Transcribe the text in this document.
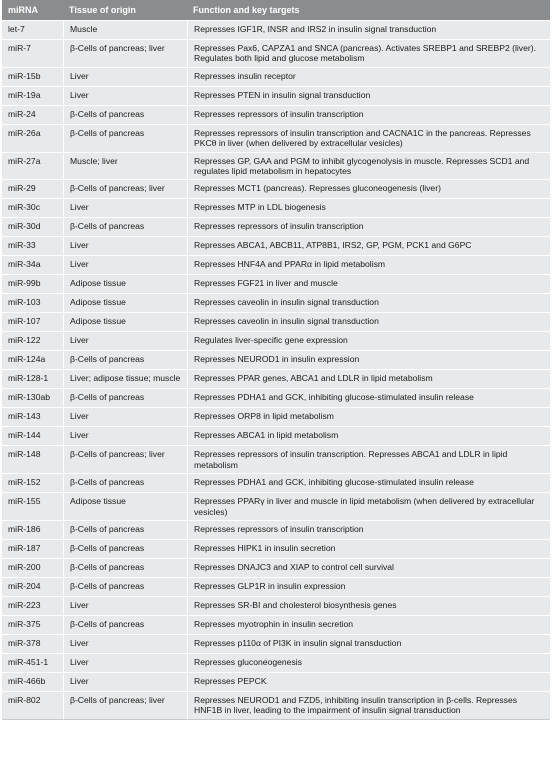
miRNA	Tissue of origin	Function and key targets
let-7	Muscle	Represses IGF1R, INSR and IRS2 in insulin signal transduction
miR-7	β-Cells of pancreas; liver	Represses Pax6, CAPZA1 and SNCA (pancreas). Activates SREBP1 and SREBP2 (liver). Regulates both lipid and glucose metabolism
miR-15b	Liver	Represses insulin receptor
miR-19a	Liver	Represses PTEN in insulin signal transduction
miR-24	β-Cells of pancreas	Represses repressors of insulin transcription
miR-26a	β-Cells of pancreas	Represses repressors of insulin transcription and CACNA1C in the pancreas. Represses PKCθ in liver (when delivered by extracellular vesicles)
miR-27a	Muscle; liver	Represses GP, GAA and PGM to inhibit glycogenolysis in muscle. Represses SCD1 and regulates lipid metabolism in hepatocytes
miR-29	β-Cells of pancreas; liver	Represses MCT1 (pancreas). Represses gluconeogenesis (liver)
miR-30c	Liver	Represses MTP in LDL biogenesis
miR-30d	β-Cells of pancreas	Represses repressors of insulin transcription
miR-33	Liver	Represses ABCA1, ABCB11, ATP8B1, IRS2, GP, PGM, PCK1 and G6PC
miR-34a	Liver	Represses HNF4A and PPARα in lipid metabolism
miR-99b	Adipose tissue	Represses FGF21 in liver and muscle
miR-103	Adipose tissue	Represses caveolin in insulin signal transduction
miR-107	Adipose tissue	Represses caveolin in insulin signal transduction
miR-122	Liver	Regulates liver-specific gene expression
miR-124a	β-Cells of pancreas	Represses NEUROD1 in insulin expression
miR-128-1	Liver; adipose tissue; muscle	Represses PPAR genes, ABCA1 and LDLR in lipid metabolism
miR-130ab	β-Cells of pancreas	Represses PDHA1 and GCK, inhibiting glucose-stimulated insulin release
miR-143	Liver	Represses ORP8 in lipid metabolism
miR-144	Liver	Represses ABCA1 in lipid metabolism
miR-148	β-Cells of pancreas; liver	Represses repressors of insulin transcription. Represses ABCA1 and LDLR in lipid metabolism
miR-152	β-Cells of pancreas	Represses PDHA1 and GCK, inhibiting glucose-stimulated insulin release
miR-155	Adipose tissue	Represses PPARγ in liver and muscle in lipid metabolism (when delivered by extracellular vesicles)
miR-186	β-Cells of pancreas	Represses repressors of insulin transcription
miR-187	β-Cells of pancreas	Represses HIPK1 in insulin secretion
miR-200	β-Cells of pancreas	Represses DNAJC3 and XIAP to control cell survival
miR-204	β-Cells of pancreas	Represses GLP1R in insulin expression
miR-223	Liver	Represses SR-BI and cholesterol biosynthesis genes
miR-375	β-Cells of pancreas	Represses myotrophin in insulin secretion
miR-378	Liver	Represses p110α of PI3K in insulin signal transduction
miR-451-1	Liver	Represses gluconeogenesis
miR-466b	Liver	Represses PEPCK
miR-802	β-Cells of pancreas; liver	Represses NEUROD1 and FZD5, inhibiting insulin transcription in β-cells. Represses HNF1B in liver, leading to the impairment of insulin signal transduction
